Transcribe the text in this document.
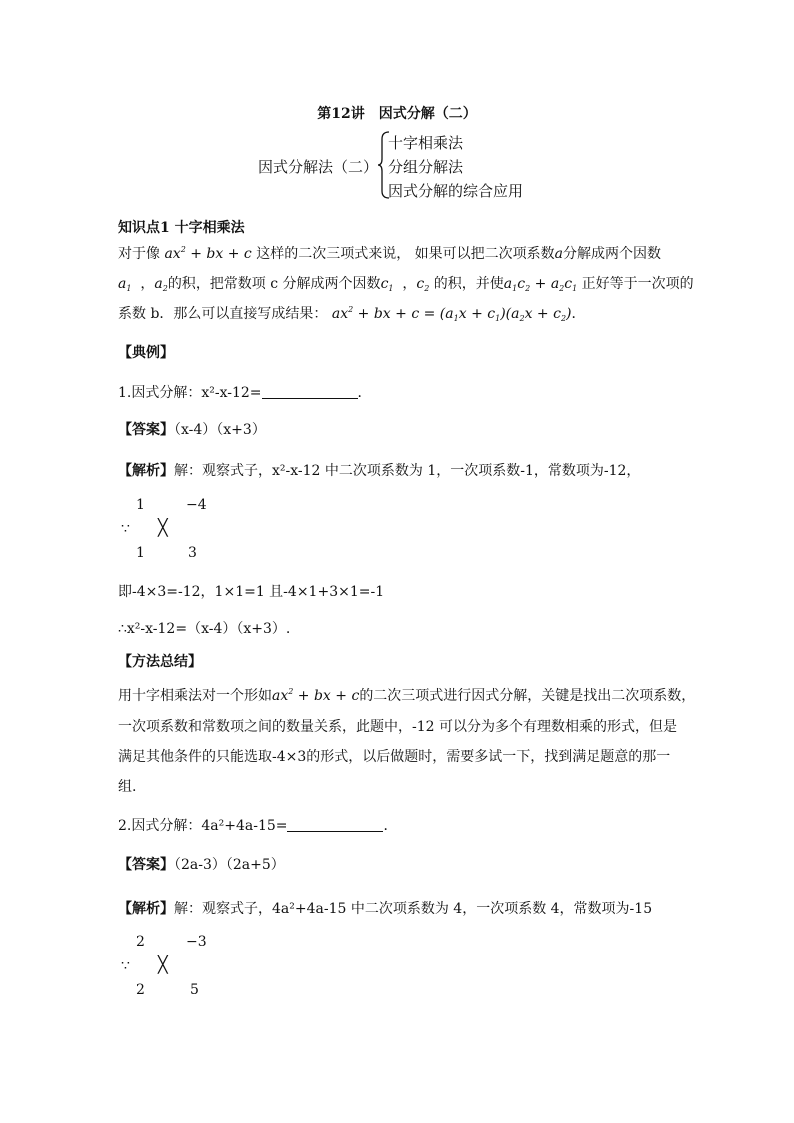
第12讲　因式分解（二）
因式分解法（二）
十字相乘法
分组分解法
因式分解的综合应用
知识点1 十字相乘法
对于像 $ax^2$ + bx + c 这样的二次三项式来说， 如果可以把二次项系数a分解成两个因数
$a_1$  ，$a_2$的积，把常数项 c 分解成两个因数$c_1$  ，$c_2$ 的积，并使$a_1c_2 + a_2c_1$ 正好等于一次项的
系数 b．那么可以直接写成结果： $ax^2$ + bx + $c = (a_1x + c_1)(a_2x + c_2)$．
【典例】
1.因式分解：x²-x-12=	．
【答案】（x-4）（x+3）
【解析】解：观察式子，x²-x-12 中二次项系数为 1，一次项系数-1，常数项为-12，
1	−4
∵ ╳
1	3
即-4×3=-12，1×1=1 且-4×1+3×1=-1
∴x²-x-12=（x-4）（x+3）.
【方法总结】
用十字相乘法对一个形如$ax^2$ + bx + c的二次三项式进行因式分解，关键是找出二次项系数，
一次项系数和常数项之间的数量关系，此题中，-12 可以分为多个有理数相乘的形式，但是
满足其他条件的只能选取-4×3的形式，以后做题时，需要多试一下，找到满足题意的那一
组.
2.因式分解：4a²+4a-15=	．
【答案】（2a-3）（2a+5）
【解析】解：观察式子，4a²+4a-15 中二次项系数为 4，一次项系数 4，常数项为-15
2	−3
∵ ╳
2	5
